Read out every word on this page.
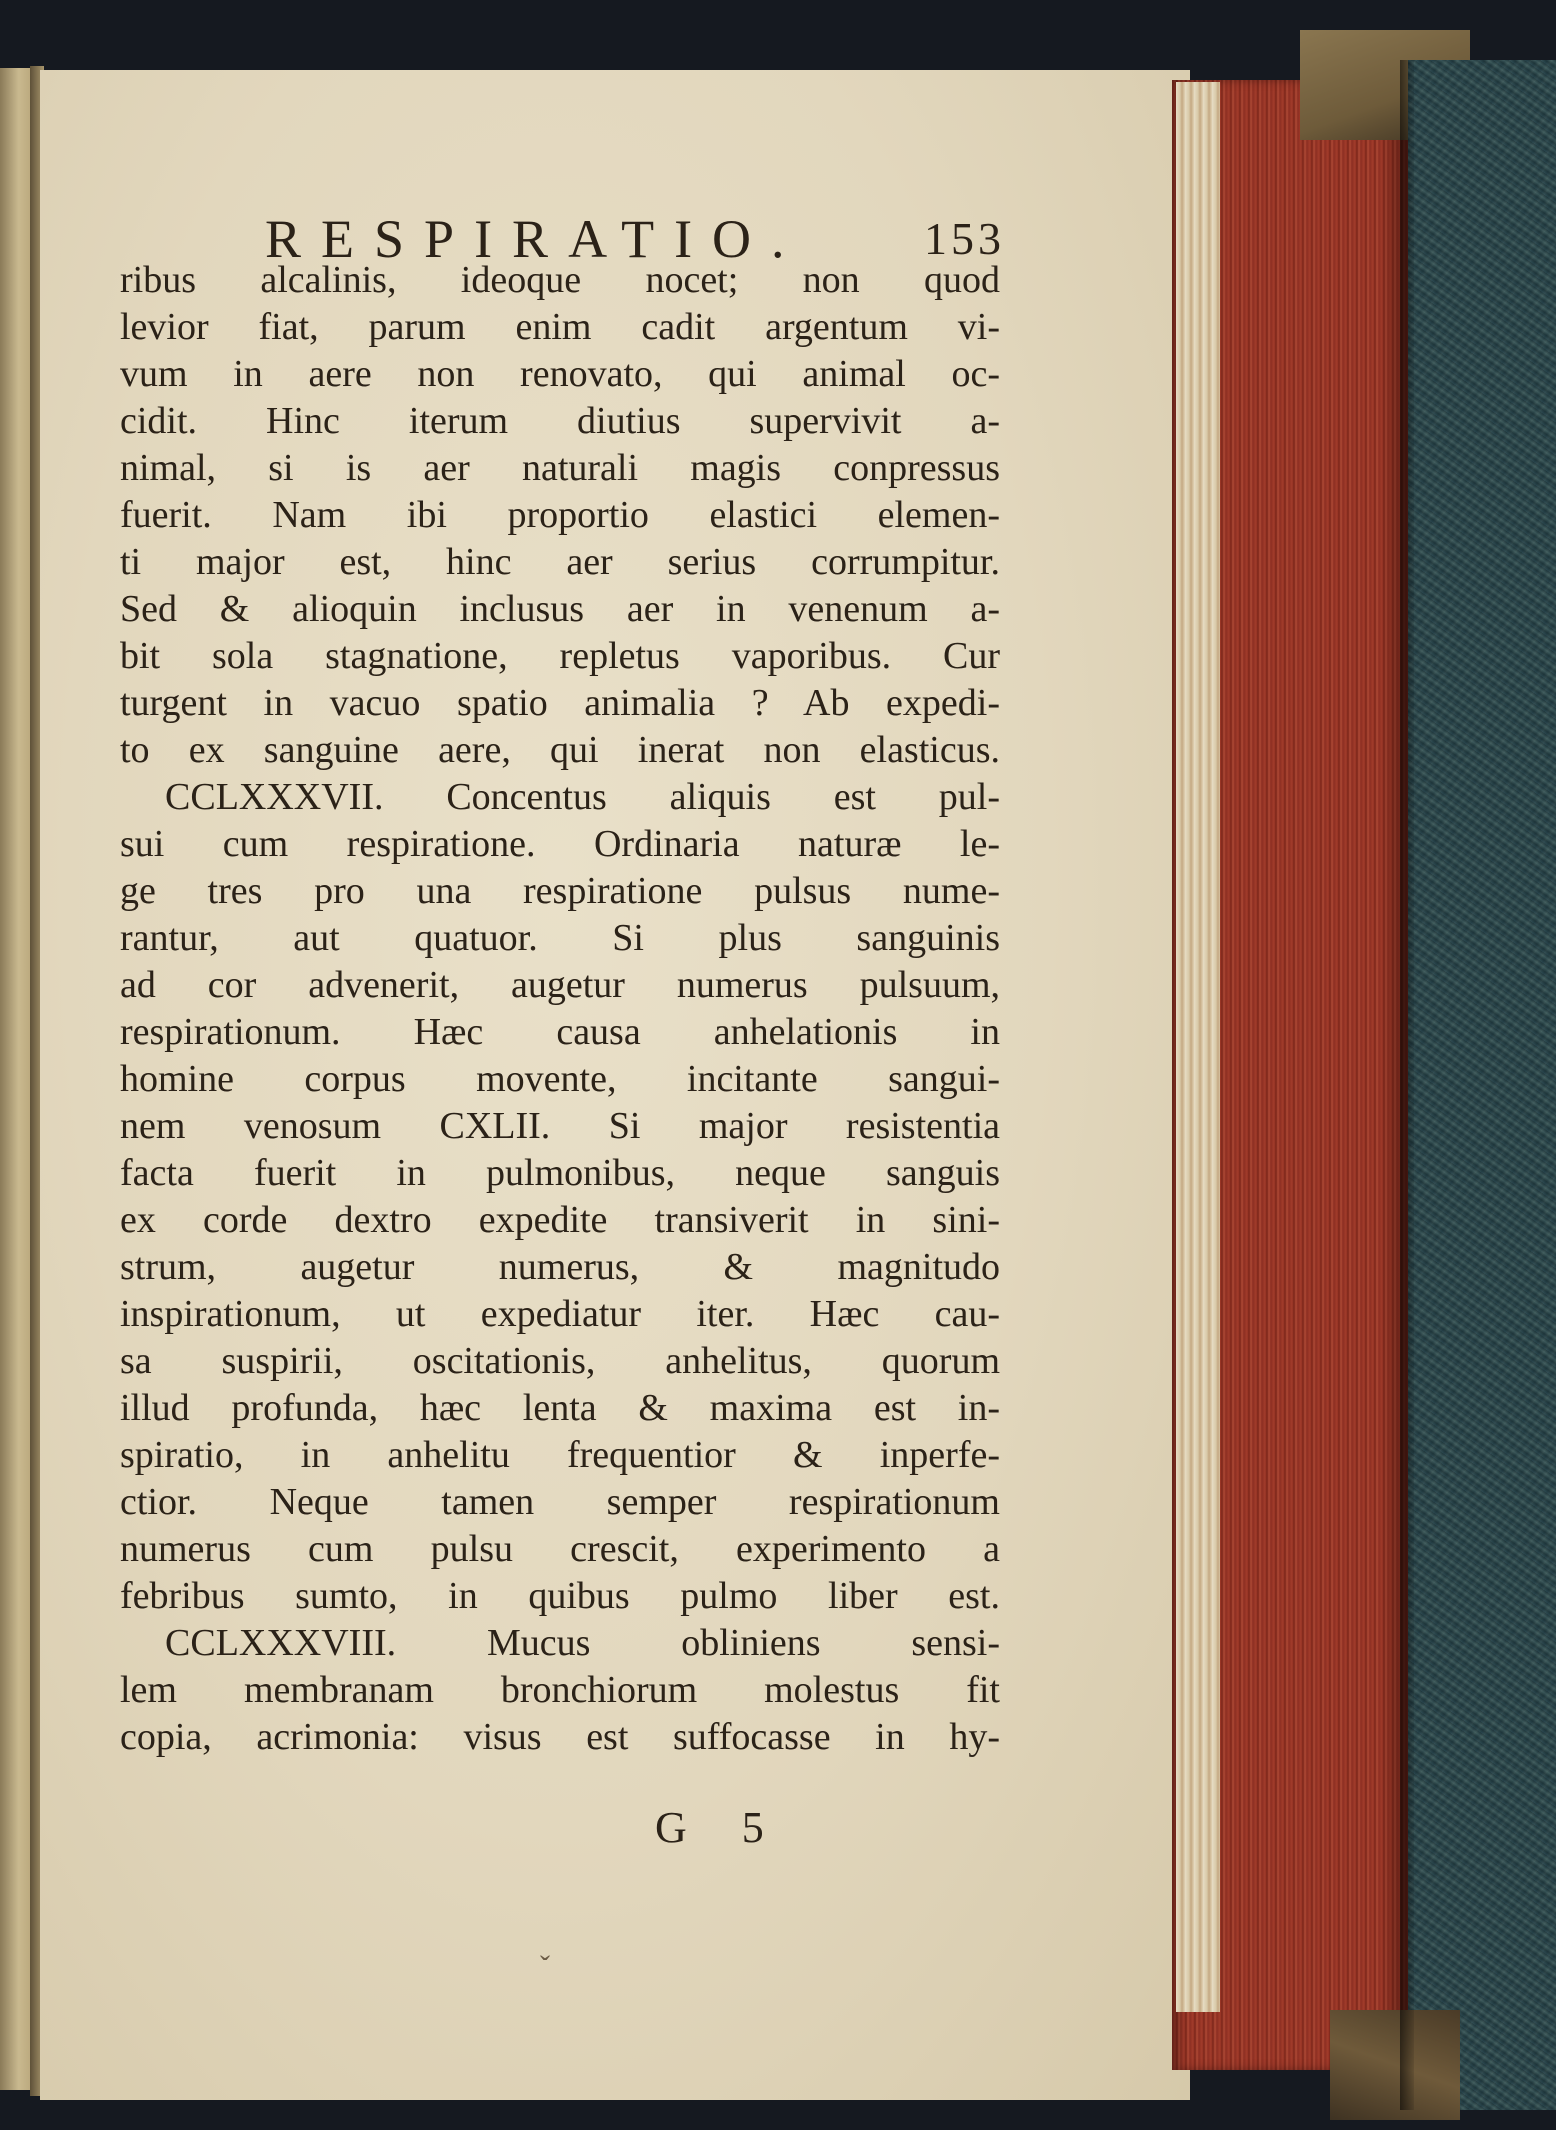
RESPIRATIO.	153
ribus alcalinis, ideoque nocet; non quod
levior fiat, parum enim cadit argentum vi-
vum in aere non renovato, qui animal oc-
cidit. Hinc iterum diutius supervivit a-
nimal, si is aer naturali magis conpressus
fuerit. Nam ibi proportio elastici elemen-
ti major est, hinc aer serius corrumpitur.
Sed & alioquin inclusus aer in venenum a-
bit sola stagnatione, repletus vaporibus. Cur
turgent in vacuo spatio animalia ? Ab expedi-
to ex sanguine aere, qui inerat non elasticus.
CCLXXXVII. Concentus aliquis est pul-
sui cum respiratione. Ordinaria naturæ le-
ge tres pro una respiratione pulsus nume-
rantur, aut quatuor. Si plus sanguinis
ad cor advenerit, augetur numerus pulsuum,
respirationum. Hæc causa anhelationis in
homine corpus movente, incitante sangui-
nem venosum CXLII. Si major resistentia
facta fuerit in pulmonibus, neque sanguis
ex corde dextro expedite transiverit in sini-
strum, augetur numerus, & magnitudo
inspirationum, ut expediatur iter. Hæc cau-
sa suspirii, oscitationis, anhelitus, quorum
illud profunda, hæc lenta & maxima est in-
spiratio, in anhelitu frequentior & inperfe-
ctior. Neque tamen semper respirationum
numerus cum pulsu crescit, experimento a
febribus sumto, in quibus pulmo liber est.
CCLXXXVIII. Mucus obliniens sensi-
lem membranam bronchiorum molestus fit
copia, acrimonia: visus est suffocasse in hy-
G 5
ˇ
